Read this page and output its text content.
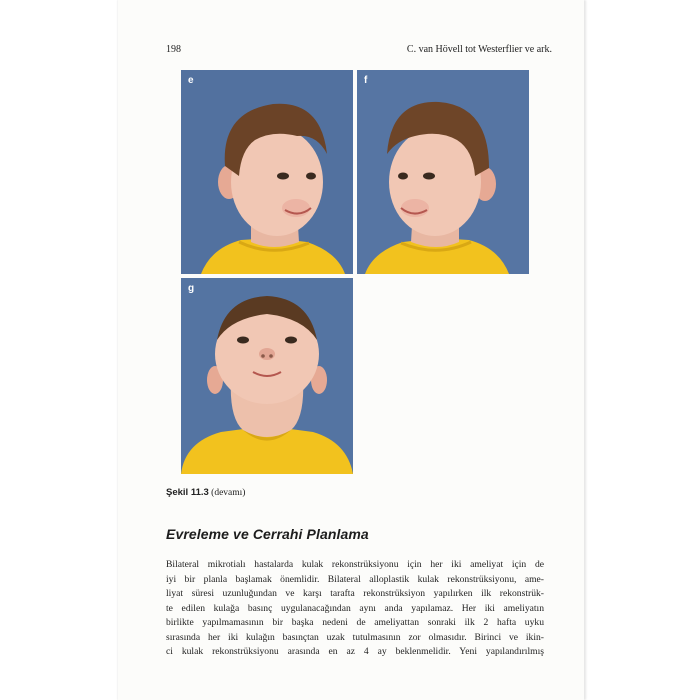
198	C. van Hövell tot Westerflier ve ark.
e	f
g
Şekil 11.3 (devamı)
Evreleme ve Cerrahi Planlama
Bilateral mikrotialı hastalarda kulak rekonstrüksiyonu için her iki ameliyat için de
iyi bir planla başlamak önemlidir. Bilateral alloplastik kulak rekonstrüksiyonu, ame-
liyat süresi uzunluğundan ve karşı tarafta rekonstrüksiyon yapılırken ilk rekonstrük-
te edilen kulağa basınç uygulanacağından aynı anda yapılamaz. Her iki ameliyatın
birlikte yapılmamasının bir başka nedeni de ameliyattan sonraki ilk 2 hafta uyku
sırasında her iki kulağın basınçtan uzak tutulmasının zor olmasıdır. Birinci ve ikin-
ci kulak rekonstrüksiyonu arasında en az 4 ay beklenmelidir. Yeni yapılandırılmış
